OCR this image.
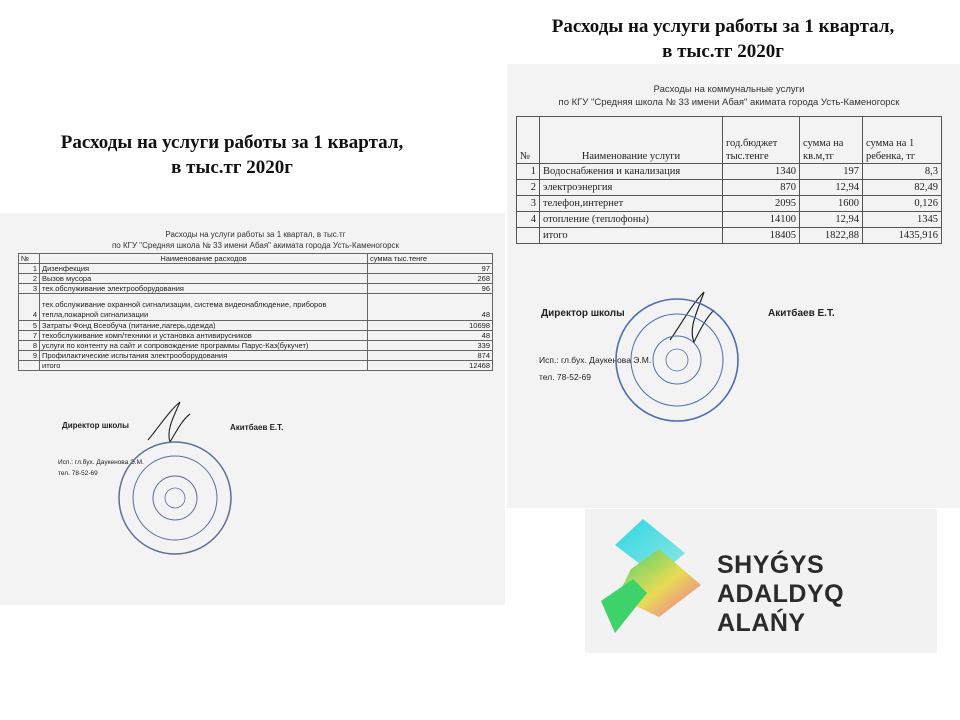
Расходы на услуги работы за 1 квартал,
в тыс.тг 2020г
Расходы на услуги работы за 1 квартал,
в тыс.тг 2020г
Расходы на услуги работы за 1 квартал, в тыс.тг
по КГУ "Средняя школа № 33 имени Абая" акимата города Усть-Каменогорск
№	Наименование расходов	сумма тыс.тенге
1	Дизенфекция	97
2	Вызов мусора	268
3	тех.обслуживание электрооборудования	96
4	тех.обслуживание охранной сигнализации, система видеонаблюдение, приборов тепла,пожарной сигнализации	48
5	Затраты Фонд Всеобуча (питание,лагерь,одежда)	10698
7	техобслуживание комп/техники и установка антивирусников	48
8	услуги по контенту на сайт и сопровождение программы Парус-Каз(букучет)	339
9	Профилактические испытания электрооборудования	874
	итого	12468
Директор школы	Акитбаев Е.Т.
Исп.: гл.бух. Даукенова Э.М.
тел. 78-52-69
Расходы на коммунальные услуги
по КГУ "Средняя школа № 33 имени Абая" акимата города Усть-Каменогорск
№	Наименование услуги	год.бюджет тыс.тенге	сумма на кв.м,тг	сумма на 1 ребенка, тг
1	Водоснабжения и канализация	1340	197	8,3
2	электроэнергия	870	12,94	82,49
3	телефон,интернет	2095	1600	0,126
4	отопление (теплофоны)	14100	12,94	1345
	итого	18405	1822,88	1435,916
Директор школы	Акитбаев Е.Т.
Исп.: гл.бух. Даукенова Э.М.
тел. 78-52-69
SHYǴYS
ADALDYQ ALAŃY
